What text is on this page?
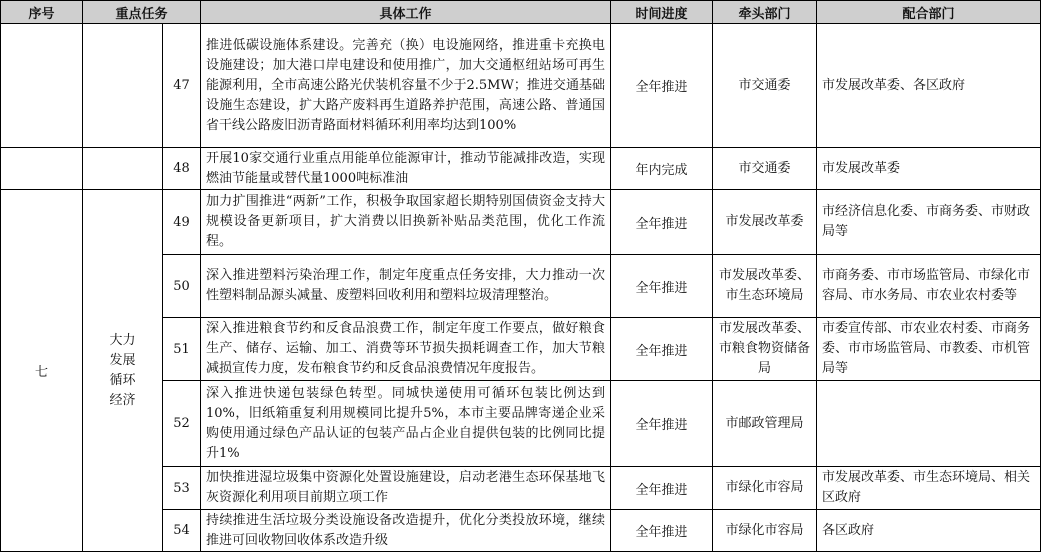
序号	重点任务		具体工作	时间进度	牵头部门	配合部门
		47	推进低碳设施体系建设。完善充（换）电设施网络，推进重卡充换电设施建设；加大港口岸电建设和使用推广，加大交通枢纽站场可再生能源利用，全市高速公路光伏装机容量不少于2.5MW；推进交通基础设施生态建设，扩大路产废料再生道路养护范围，高速公路、普通国省干线公路废旧沥青路面材料循环利用率均达到100%	全年推进	市交通委	市发展改革委、各区政府
		48	开展10家交通行业重点用能单位能源审计，推动节能减排改造，实现燃油节能量或替代量1000吨标准油	年内完成	市交通委	市发展改革委
七	大力发展循环经济	49	加力扩围推进“两新”工作，积极争取国家超长期特别国债资金支持大规模设备更新项目，扩大消费以旧换新补贴品类范围，优化工作流程。	全年推进	市发展改革委	市经济信息化委、市商务委、市财政局等
		50	深入推进塑料污染治理工作，制定年度重点任务安排，大力推动一次性塑料制品源头减量、废塑料回收利用和塑料垃圾清理整治。	全年推进	市发展改革委、市生态环境局	市商务委、市市场监管局、市绿化市容局、市水务局、市农业农村委等
		51	深入推进粮食节约和反食品浪费工作，制定年度工作要点，做好粮食生产、储存、运输、加工、消费等环节损失损耗调查工作，加大节粮减损宣传力度，发布粮食节约和反食品浪费情况年度报告。	全年推进	市发展改革委、市粮食物资储备局	市委宣传部、市农业农村委、市商务委、市市场监管局、市教委、市机管局等
		52	深入推进快递包装绿色转型。同城快递使用可循环包装比例达到10%，旧纸箱重复利用规模同比提升5%，本市主要品牌寄递企业采购使用通过绿色产品认证的包装产品占企业自提供包装的比例同比提升1%	全年推进	市邮政管理局	
		53	加快推进湿垃圾集中资源化处置设施建设，启动老港生态环保基地飞灰资源化利用项目前期立项工作	全年推进	市绿化市容局	市发展改革委、市生态环境局、相关区政府
		54	持续推进生活垃圾分类设施设备改造提升，优化分类投放环境，继续推进可回收物回收体系改造升级	全年推进	市绿化市容局	各区政府
